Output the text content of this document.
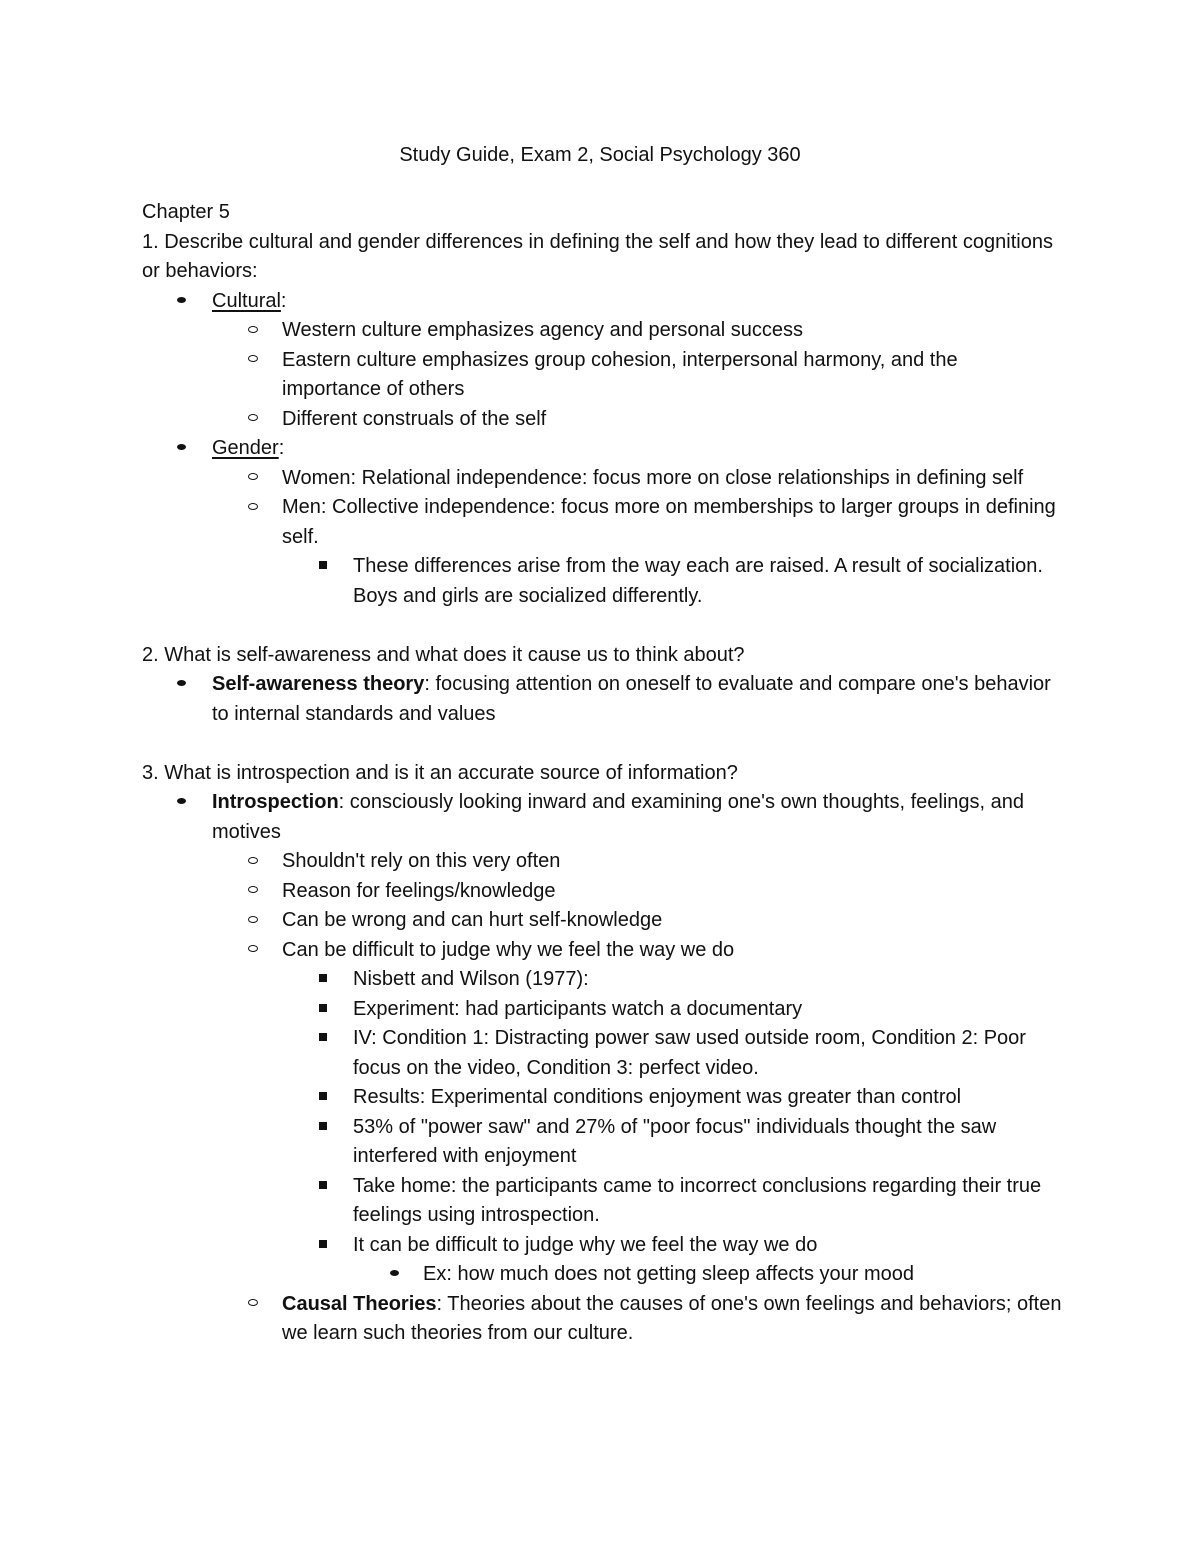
Study Guide, Exam 2, Social Psychology 360

Chapter 5

1. Describe cultural and gender differences in defining the self and how they lead to different cognitions or behaviors:

Cultural:
Western culture emphasizes agency and personal success
Eastern culture emphasizes group cohesion, interpersonal harmony, and the importance of others
Different construals of the self
Gender:
Women: Relational independence: focus more on close relationships in defining self
Men: Collective independence: focus more on memberships to larger groups in defining self.
These differences arise from the way each are raised. A result of socialization. Boys and girls are socialized differently.

2. What is self-awareness and what does it cause us to think about?

Self-awareness theory: focusing attention on oneself to evaluate and compare one's behavior to internal standards and values

3. What is introspection and is it an accurate source of information?

Introspection: consciously looking inward and examining one's own thoughts, feelings, and motives
Shouldn't rely on this very often
Reason for feelings/knowledge
Can be wrong and can hurt self-knowledge
Can be difficult to judge why we feel the way we do
Nisbett and Wilson (1977):
Experiment: had participants watch a documentary
IV: Condition 1: Distracting power saw used outside room, Condition 2: Poor focus on the video, Condition 3: perfect video.
Results: Experimental conditions enjoyment was greater than control
53% of "power saw" and 27% of "poor focus" individuals thought the saw interfered with enjoyment
Take home: the participants came to incorrect conclusions regarding their true feelings using introspection.
It can be difficult to judge why we feel the way we do
Ex: how much does not getting sleep affects your mood
Causal Theories: Theories about the causes of one's own feelings and behaviors; often we learn such theories from our culture.
